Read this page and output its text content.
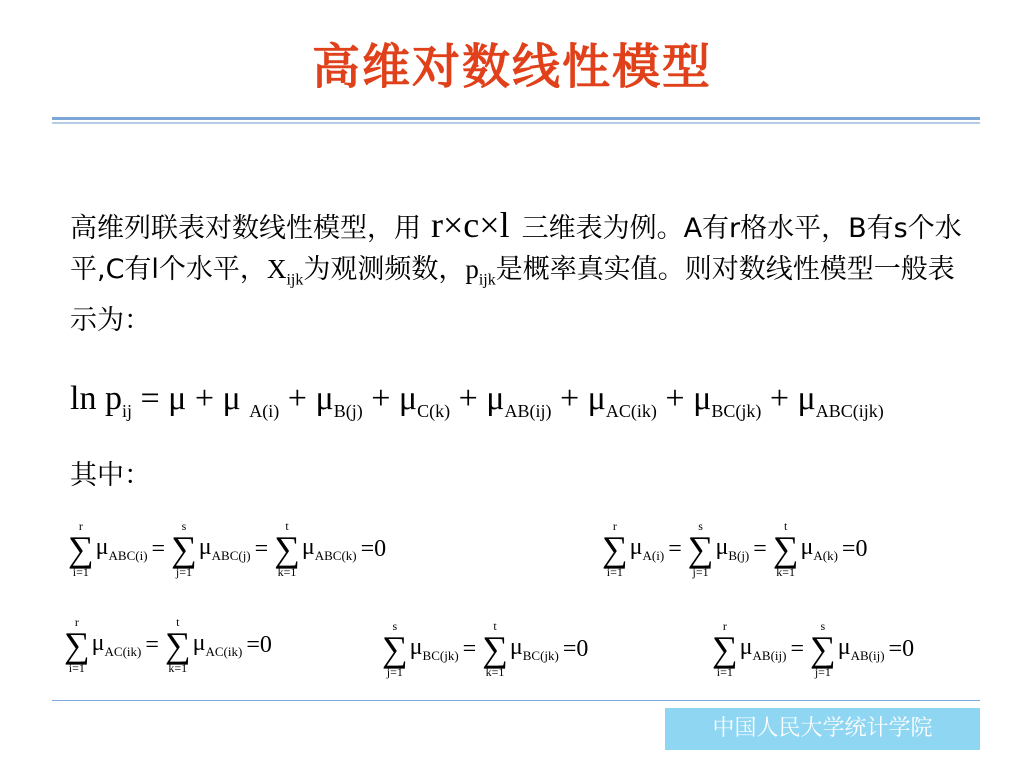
高维对数线性模型
高维列联表对数线性模型，用 r×c×l 三维表为例。A有r格水平，B有s个水平,C有l个水平，$X_{ijk}$为观测频数，$p_{ijk}$是概率真实值。则对数线性模型一般表示为：
$\ln p_{ij} = \mu + \mu$ $_{A(i)} + \mu_{B(j)} + \mu_{C(k)} + \mu_{AB(ij)} + \mu_{AC(ik)} + \mu_{BC(jk)} + \mu_{ABC(ijk)}$
其中：
r
∑
i=1
$\mu_{ABC(i)}$ =
s
∑
j=1
$\mu_{ABC(j)}$ =
t
∑
k=1
$\mu_{ABC(k)} =0$
r
∑
i=1
$\mu_{A(i)}$ =
s
∑
j=1
$\mu_{B(j)}$ =
t
∑
k=1
$\mu_{A(k)} =0$
r
∑
i=1
$\mu_{AC(ik)}$ =
t
∑
k=1
$\mu_{AC(ik)} =0$
s
∑
j=1
$\mu_{BC(jk)}$ =
t
∑
k=1
$\mu_{BC(jk)} =0$
r
∑
i=1
$\mu_{AB(ij)}$ =
s
∑
j=1
$\mu_{AB(ij)} =0$
中国人民大学统计学院
